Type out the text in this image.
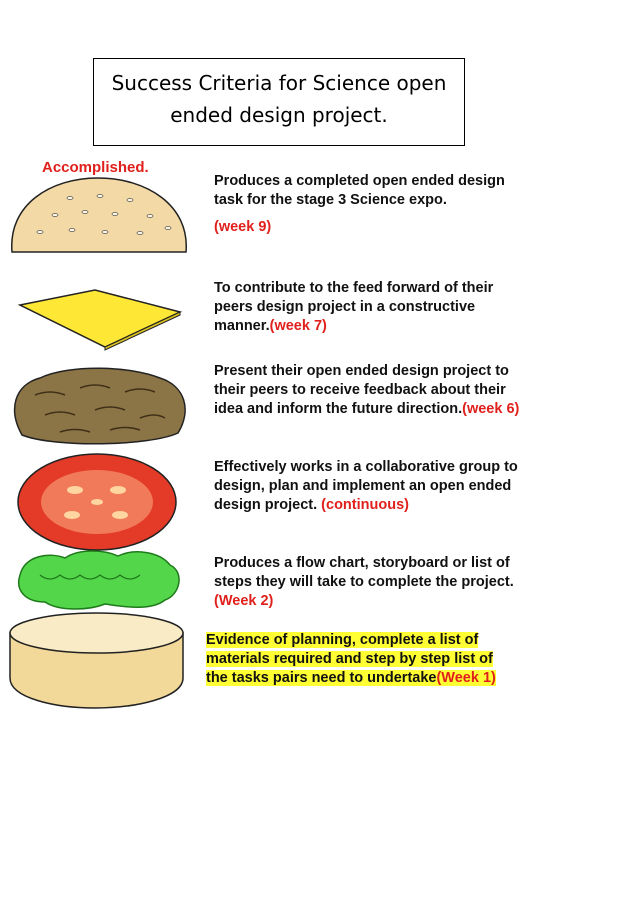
Success Criteria for Science open
ended design project.
Accomplished.
Produces a completed open ended design task for the stage 3 Science expo.
(week 9)
To contribute to the feed forward of their peers design project in a constructive manner.(week 7)
Present their open ended design project to their peers to receive feedback about their idea and inform the future direction.(week 6)
Effectively works in a collaborative group to design, plan and implement an open ended design project. (continuous)
Produces a flow chart, storyboard or list of steps they will take to complete the project.(Week 2)
Evidence of planning, complete a list of materials required and step by step list of the tasks pairs need to undertake(Week 1)
